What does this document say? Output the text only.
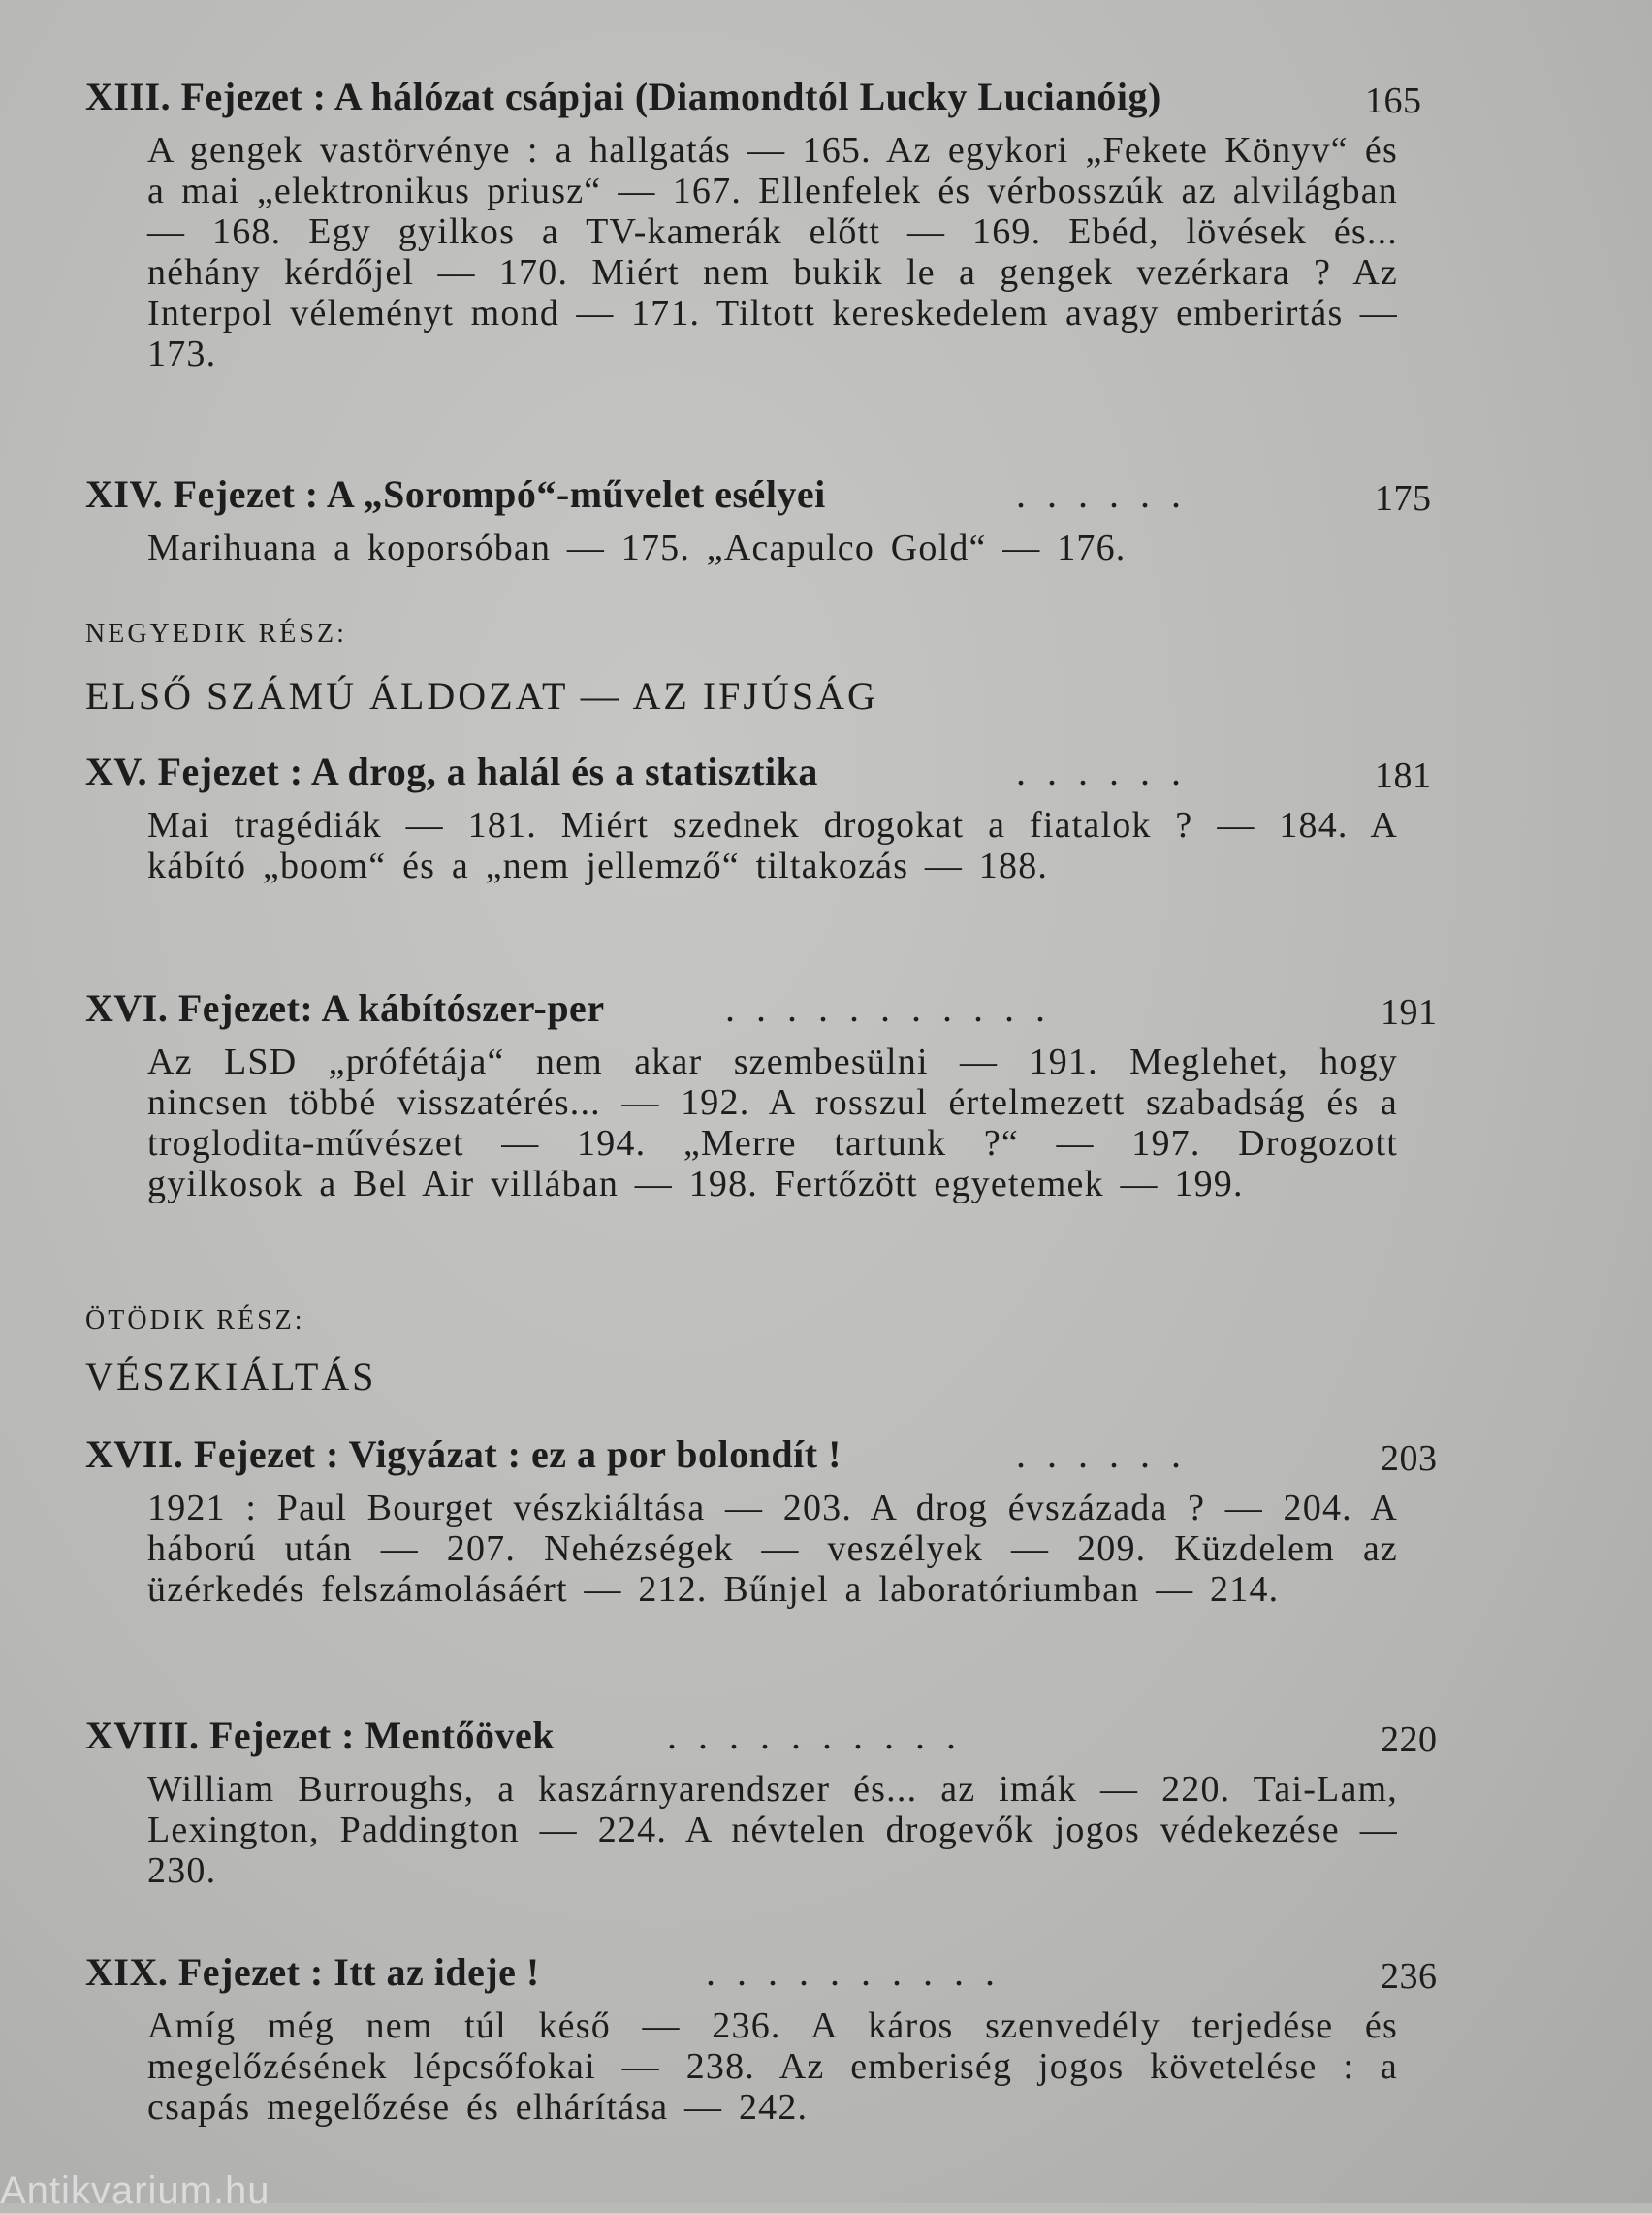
XIII. Fejezet : A hálózat csápjai (Diamondtól Lucky Lucianóig)	165
A gengek vastörvénye : a hallgatás — 165. Az egykori „Fekete Könyv“ és a mai „elektronikus priusz“ — 167. Ellenfelek és vérbosszúk az alvilágban — 168. Egy gyilkos a TV-kamerák előtt — 169. Ebéd, lövések és... néhány kérdőjel — 170. Miért nem bukik le a gengek vezérkara ? Az Interpol véleményt mond — 171. Tiltott kereskedelem avagy emberirtás — 173.
XIV. Fejezet : A „Sorompó“-művelet esélyei	......	175
Marihuana a koporsóban — 175. „Acapulco Gold“ — 176.
NEGYEDIK RÉSZ:
ELSŐ SZÁMÚ ÁLDOZAT — AZ IFJÚSÁG
XV. Fejezet : A drog, a halál és a statisztika	......	181
Mai tragédiák — 181. Miért szednek drogokat a fiatalok ? — 184. A kábító „boom“ és a „nem jellemző“ tiltakozás — 188.
XVI. Fejezet: A kábítószer-per	...........	191
Az LSD „prófétája“ nem akar szembesülni — 191. Meglehet, hogy nincsen többé visszatérés... — 192. A rosszul értelmezett szabadság és a troglodita-művészet — 194. „Merre tartunk ?“ — 197. Drogozott gyilkosok a Bel Air villában — 198. Fertőzött egyetemek — 199.
ÖTÖDIK RÉSZ:
VÉSZKIÁLTÁS
XVII. Fejezet : Vigyázat : ez a por bolondít !	......	203
1921 : Paul Bourget vészkiáltása — 203. A drog évszázada ? — 204. A háború után — 207. Nehézségek — veszélyek — 209. Küzdelem az üzérkedés felszámolásáért — 212. Bűnjel a laboratóriumban — 214.
XVIII. Fejezet : Mentőövek	..........	220
William Burroughs, a kaszárnyarendszer és... az imák — 220. Tai-Lam, Lexington, Paddington — 224. A névtelen drogevők jogos védekezése — 230.
XIX. Fejezet : Itt az ideje !	..........	236
Amíg még nem túl késő — 236. A káros szenvedély terjedése és megelőzésének lépcsőfokai — 238. Az emberiség jogos követelése : a csapás megelőzése és elhárítása — 242.
Antikvarium.hu
